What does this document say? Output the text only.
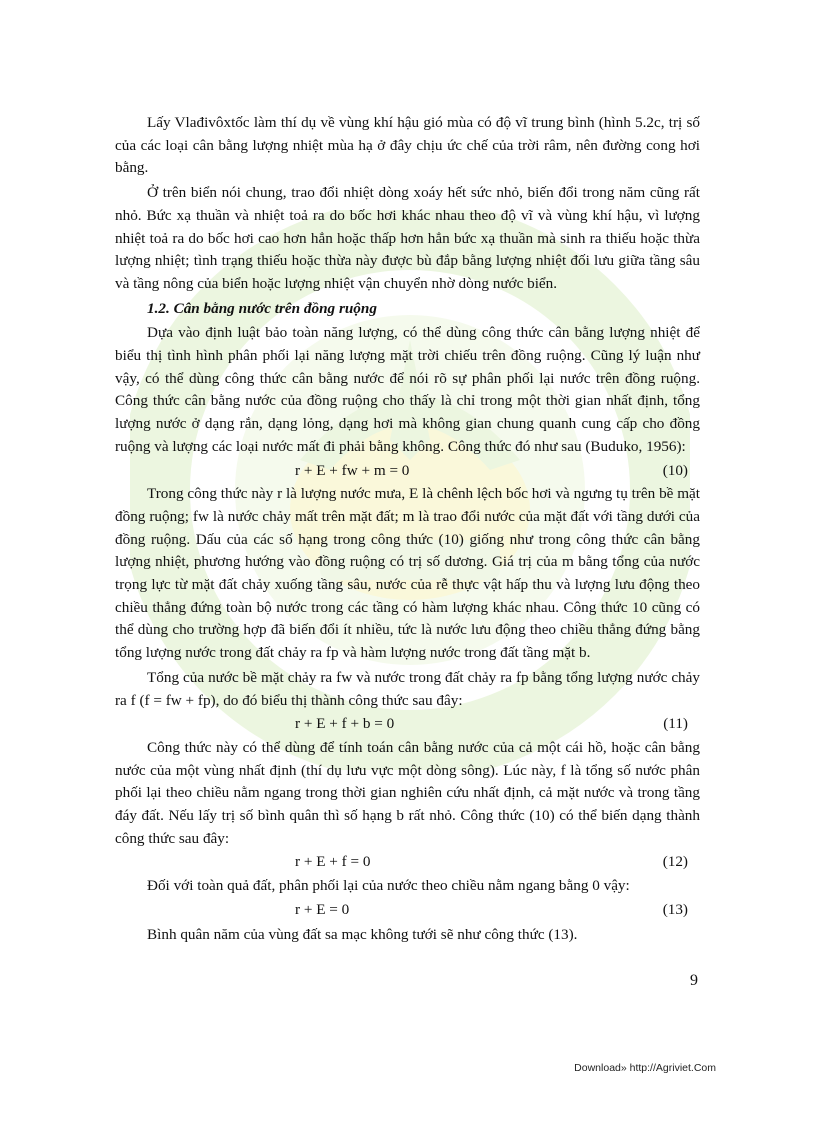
Lấy Vlađivôxtốc làm thí dụ về vùng khí hậu gió mùa có độ vĩ trung bình (hình 5.2c, trị số của các loại cân bằng lượng nhiệt mùa hạ ở đây chịu ức chế của trời râm, nên đường cong hơi bằng.

Ở trên biển nói chung, trao đổi nhiệt dòng xoáy hết sức nhỏ, biến đổi trong năm cũng rất nhỏ. Bức xạ thuần và nhiệt toả ra do bốc hơi khác nhau theo độ vĩ và vùng khí hậu, vì lượng nhiệt toả ra do bốc hơi cao hơn hẳn hoặc thấp hơn hẳn bức xạ thuần mà sinh ra thiếu hoặc thừa lượng nhiệt; tình trạng thiếu hoặc thừa này được bù đắp bằng lượng nhiệt đối lưu giữa tầng sâu và tầng nông của biển hoặc lượng nhiệt vận chuyển nhờ dòng nước biển.

1.2. Cân bằng nước trên đồng ruộng

Dựa vào định luật bảo toàn năng lượng, có thể dùng công thức cân bằng lượng nhiệt để biểu thị tình hình phân phối lại năng lượng mặt trời chiếu trên đồng ruộng. Cũng lý luận như vậy, có thể dùng công thức cân bằng nước để nói rõ sự phân phối lại nước trên đồng ruộng. Công thức cân bằng nước của đồng ruộng cho thấy là chỉ trong một thời gian nhất định, tổng lượng nước ở dạng rắn, dạng lỏng, dạng hơi mà không gian chung quanh cung cấp cho đồng ruộng và lượng các loại nước mất đi phải bằng không. Công thức đó như sau (Buduko, 1956):

r + E + fw + m = 0	(10)

Trong công thức này r là lượng nước mưa, E là chênh lệch bốc hơi và ngưng tụ trên bề mặt đồng ruộng; fw là nước chảy mất trên mặt đất; m là trao đổi nước của mặt đất với tầng dưới của đồng ruộng. Dấu của các số hạng trong công thức (10) giống như trong công thức cân bằng lượng nhiệt, phương hướng vào đồng ruộng có trị số dương. Giá trị của m bằng tổng của nước trọng lực từ mặt đất chảy xuống tầng sâu, nước của rễ thực vật hấp thu và lượng lưu động theo chiều thẳng đứng toàn bộ nước trong các tầng có hàm lượng khác nhau. Công thức 10 cũng có thể dùng cho trường hợp đã biến đổi ít nhiều, tức là nước lưu động theo chiều thẳng đứng bằng tổng lượng nước trong đất chảy ra fp và hàm lượng nước trong đất tầng mặt b.

Tổng của nước bề mặt chảy ra fw và nước trong đất chảy ra fp bằng tổng lượng nước chảy ra f (f = fw + fp), do đó biểu thị thành công thức sau đây:

r + E + f + b = 0	(11)

Công thức này có thể dùng để tính toán cân bằng nước của cả một cái hồ, hoặc cân bằng nước của một vùng nhất định (thí dụ lưu vực một dòng sông). Lúc này, f là tổng số nước phân phối lại theo chiều nằm ngang trong thời gian nghiên cứu nhất định, cả mặt nước và trong tầng đáy đất. Nếu lấy trị số bình quân thì số hạng b rất nhỏ. Công thức (10) có thể biến dạng thành công thức sau đây:

r + E + f = 0	(12)

Đối với toàn quả đất, phân phối lại của nước theo chiều nằm ngang bằng 0 vậy:

r + E = 0	(13)

Bình quân năm của vùng đất sa mạc không tưới sẽ như công thức (13).

9
Download» http://Agriviet.Com
